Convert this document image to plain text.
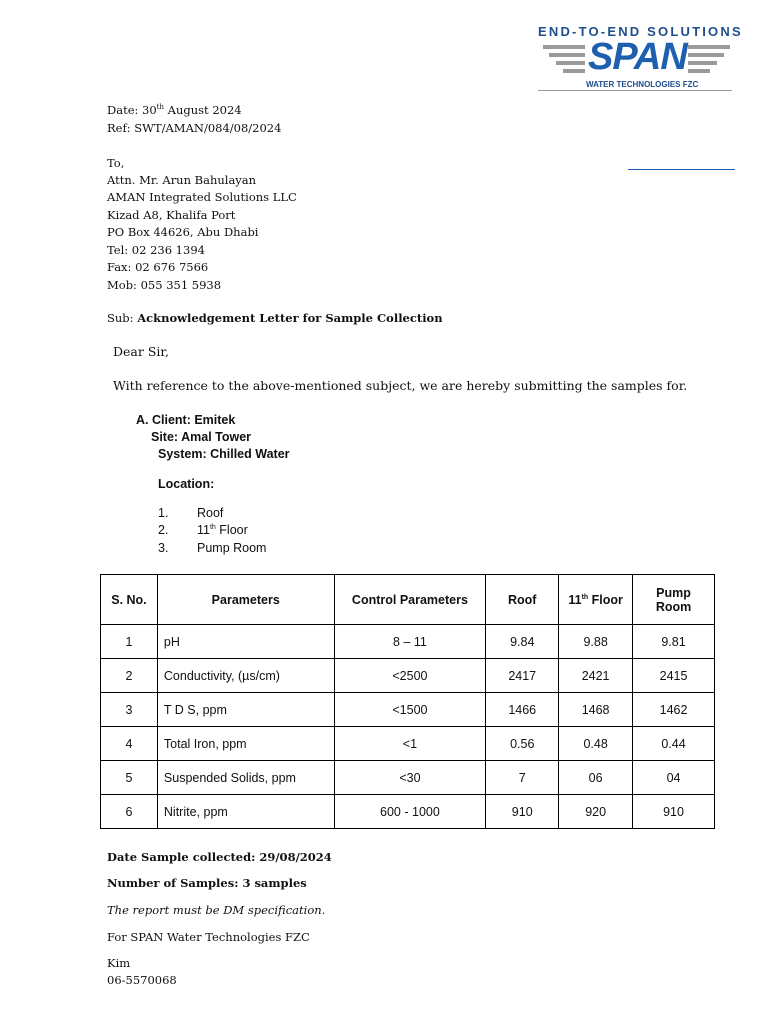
END-TO-END SOLUTIONS
SPAN
WATER TECHNOLOGIES FZC
Date: 30th August 2024
Ref: SWT/AMAN/084/08/2024
To,
Attn. Mr. Arun Bahulayan
AMAN Integrated Solutions LLC
Kizad A8, Khalifa Port
PO Box 44626, Abu Dhabi
Tel: 02 236 1394
Fax: 02 676 7566
Mob: 055 351 5938
Sub: Acknowledgement Letter for Sample Collection
Dear Sir,
With reference to the above-mentioned subject, we are hereby submitting the samples for.
A. Client: Emitek
Site: Amal Tower
System: Chilled Water
Location:
1. Roof
2. 11th Floor
3. Pump Room
S. No.	Parameters	Control Parameters	Roof	11th Floor	Pump
Room
1	pH	8 – 11	9.84	9.88	9.81
2	Conductivity, (µs/cm)	<2500	2417	2421	2415
3	T D S, ppm	<1500	1466	1468	1462
4	Total Iron, ppm	<1	0.56	0.48	0.44
5	Suspended Solids, ppm	<30	7	06	04
6	Nitrite, ppm	600 - 1000	910	920	910
Date Sample collected: 29/08/2024
Number of Samples: 3 samples
The report must be DM specification.
For SPAN Water Technologies FZC
Kim
06-5570068
